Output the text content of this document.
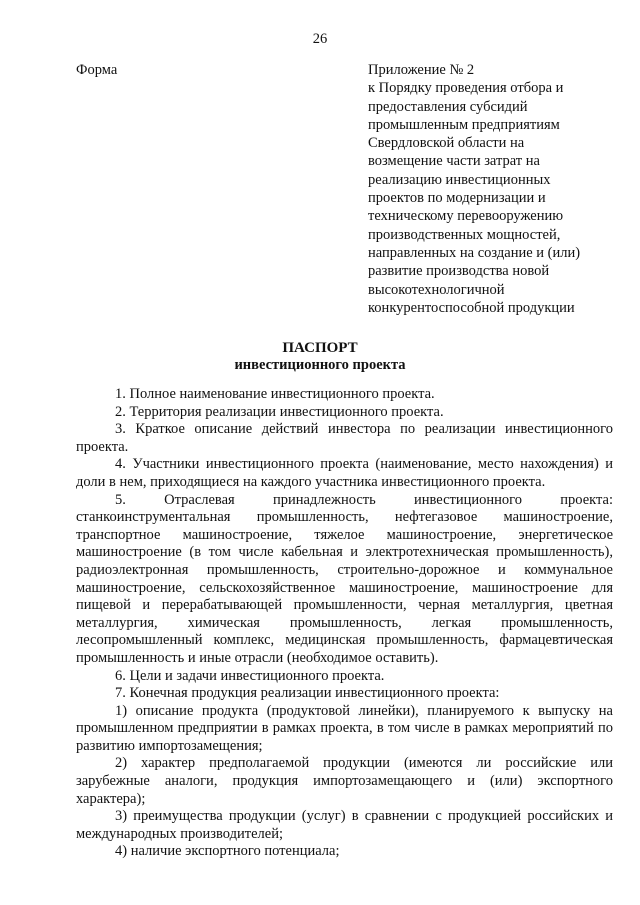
26
Форма	Приложение № 2
к Порядку проведения отбора и
предоставления субсидий
промышленным предприятиям
Свердловской области на
возмещение части затрат на
реализацию инвестиционных
проектов по модернизации и
техническому перевооружению
производственных мощностей,
направленных на создание и (или)
развитие производства новой
высокотехнологичной
конкурентоспособной продукции
ПАСПОРТ
инвестиционного проекта

1. Полное наименование инвестиционного проекта.

2. Территория реализации инвестиционного проекта.

3. Краткое описание действий инвестора по реализации инвестиционного проекта.

4. Участники инвестиционного проекта (наименование, место нахождения) и доли в нем, приходящиеся на каждого участника инвестиционного проекта.

5. Отраслевая принадлежность инвестиционного проекта: станкоинструментальная промышленность, нефтегазовое машиностроение, транспортное машиностроение, тяжелое машиностроение, энергетическое машиностроение (в том числе кабельная и электротехническая промышленность), радиоэлектронная промышленность, строительно-дорожное и коммунальное машиностроение, сельскохозяйственное машиностроение, машиностроение для пищевой и перерабатывающей промышленности, черная металлургия, цветная металлургия, химическая промышленность, легкая промышленность, лесопромышленный комплекс, медицинская промышленность, фармацевтическая промышленность и иные отрасли (необходимое оставить).

6. Цели и задачи инвестиционного проекта.

7. Конечная продукция реализации инвестиционного проекта:

1) описание продукта (продуктовой линейки), планируемого к выпуску на промышленном предприятии в рамках проекта, в том числе в рамках мероприятий по развитию импортозамещения;

2) характер предполагаемой продукции (имеются ли российские или зарубежные аналоги, продукция импортозамещающего и (или) экспортного характера);

3) преимущества продукции (услуг) в сравнении с продукцией российских и международных производителей;

4) наличие экспортного потенциала;
